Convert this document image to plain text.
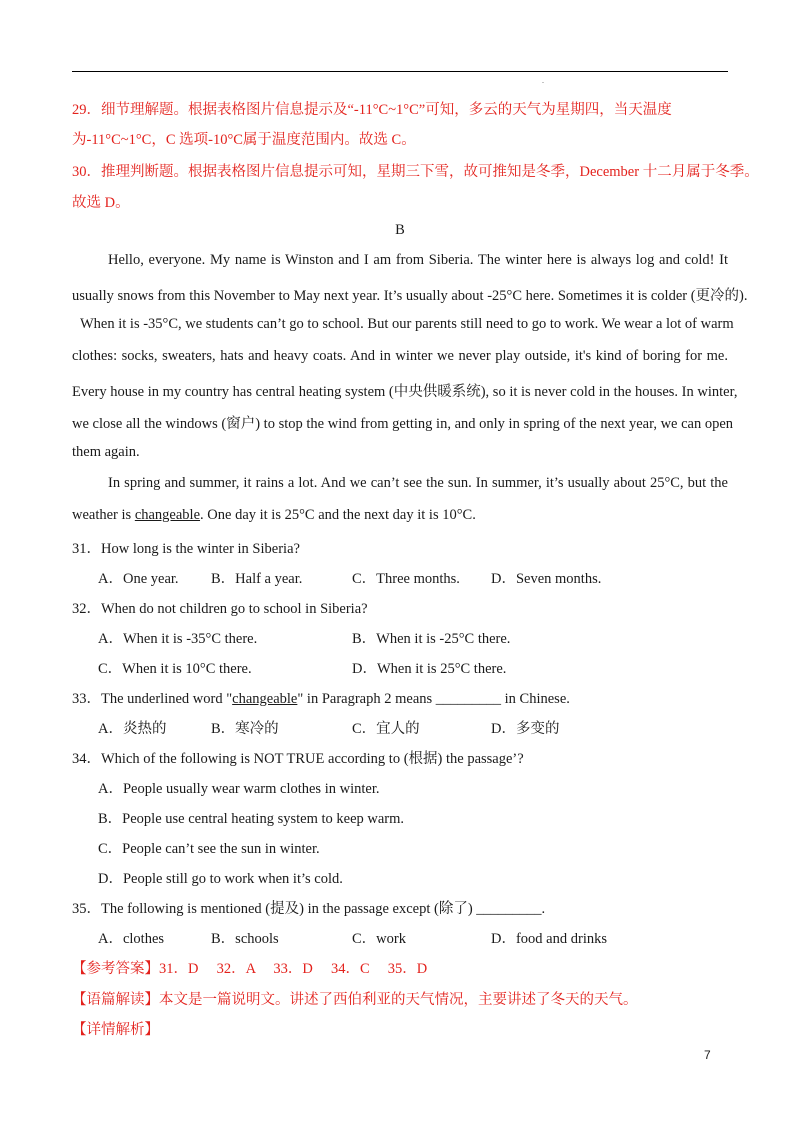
.
29．细节理解题。根据表格图片信息提示及“-11°C~1°C”可知，多云的天气为星期四，当天温度
为-11°C~1°C，C 选项-10°C属于温度范围内。故选 C。
30．推理判断题。根据表格图片信息提示可知，星期三下雪，故可推知是冬季，December 十二月属于冬季。
故选 D。
B
Hello, everyone. My name is Winston and I am from Siberia. The winter here is always log and cold! It
usually snows from this November to May next year. It’s usually about -25°C here. Sometimes it is colder (更冷的).
When it is -35°C, we students can’t go to school. But our parents still need to go to work. We wear a lot of warm
clothes: socks, sweaters, hats and heavy coats. And in winter we never play outside, it's kind of boring for me.
Every house in my country has central heating system (中央供暖系统), so it is never cold in the houses. In winter,
we close all the windows (窗户) to stop the wind from getting in, and only in spring of the next year, we can open
them again.
In spring and summer, it rains a lot. And we can’t see the sun. In summer, it’s usually about 25°C, but the
weather is changeable. One day it is 25°C and the next day it is 10°C.
31．How long is the winter in Siberia?
A．One year. B．Half a year.	C．Three months. D．Seven months.
32．When do not children go to school in Siberia?
A．When it is -35°C there.	B．When it is -25°C there.
C．When it is 10°C there.	D．When it is 25°C there.
33．The underlined word "changeable" in Paragraph 2 means _________ in Chinese.
A．炎热的	B．寒冷的	C．宜人的	D．多变的
34．Which of the following is NOT TRUE according to (根据) the passage’?
A．People usually wear warm clothes in winter.
B．People use central heating system to keep warm.
C．People can’t see the sun in winter.
D．People still go to work when it’s cold.
35．The following is mentioned (提及) in the passage except (除了) _________.
A．clothes	B．schools	C．work	D．food and drinks
【参考答案】31．D　 32．A　 33．D　 34．C　 35．D
【语篇解读】本文是一篇说明文。讲述了西伯利亚的天气情况，主要讲述了冬天的天气。
【详情解析】
7
